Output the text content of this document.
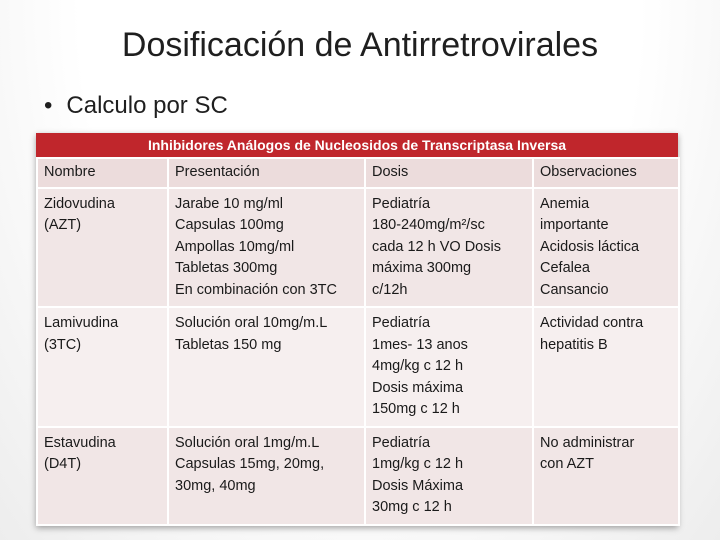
Dosificación de Antirretrovirales
• Calculo por SC
Inhibidores Análogos de Nucleosidos de Transcriptasa Inversa
Nombre	Presentación	Dosis	Observaciones

Zidovudina
(AZT)	Jarabe 10 mg/ml
Capsulas 100mg
Ampollas 10mg/ml
Tabletas 300mg
En combinación con 3TC	Pediatría
180-240mg/m²/sc
cada 12 h VO Dosis
máxima 300mg
c/12h	Anemia
importante
Acidosis láctica
Cefalea
Cansancio

Lamivudina
(3TC)	Solución oral 10mg/m.L
Tabletas 150 mg	Pediatría
1mes- 13 anos
4mg/kg c 12 h
Dosis máxima
150mg c 12 h	Actividad contra
hepatitis B

Estavudina
(D4T)	Solución oral 1mg/m.L
Capsulas 15mg, 20mg,
30mg, 40mg	Pediatría
1mg/kg c 12 h
Dosis Máxima
30mg c 12 h	No administrar
con AZT
